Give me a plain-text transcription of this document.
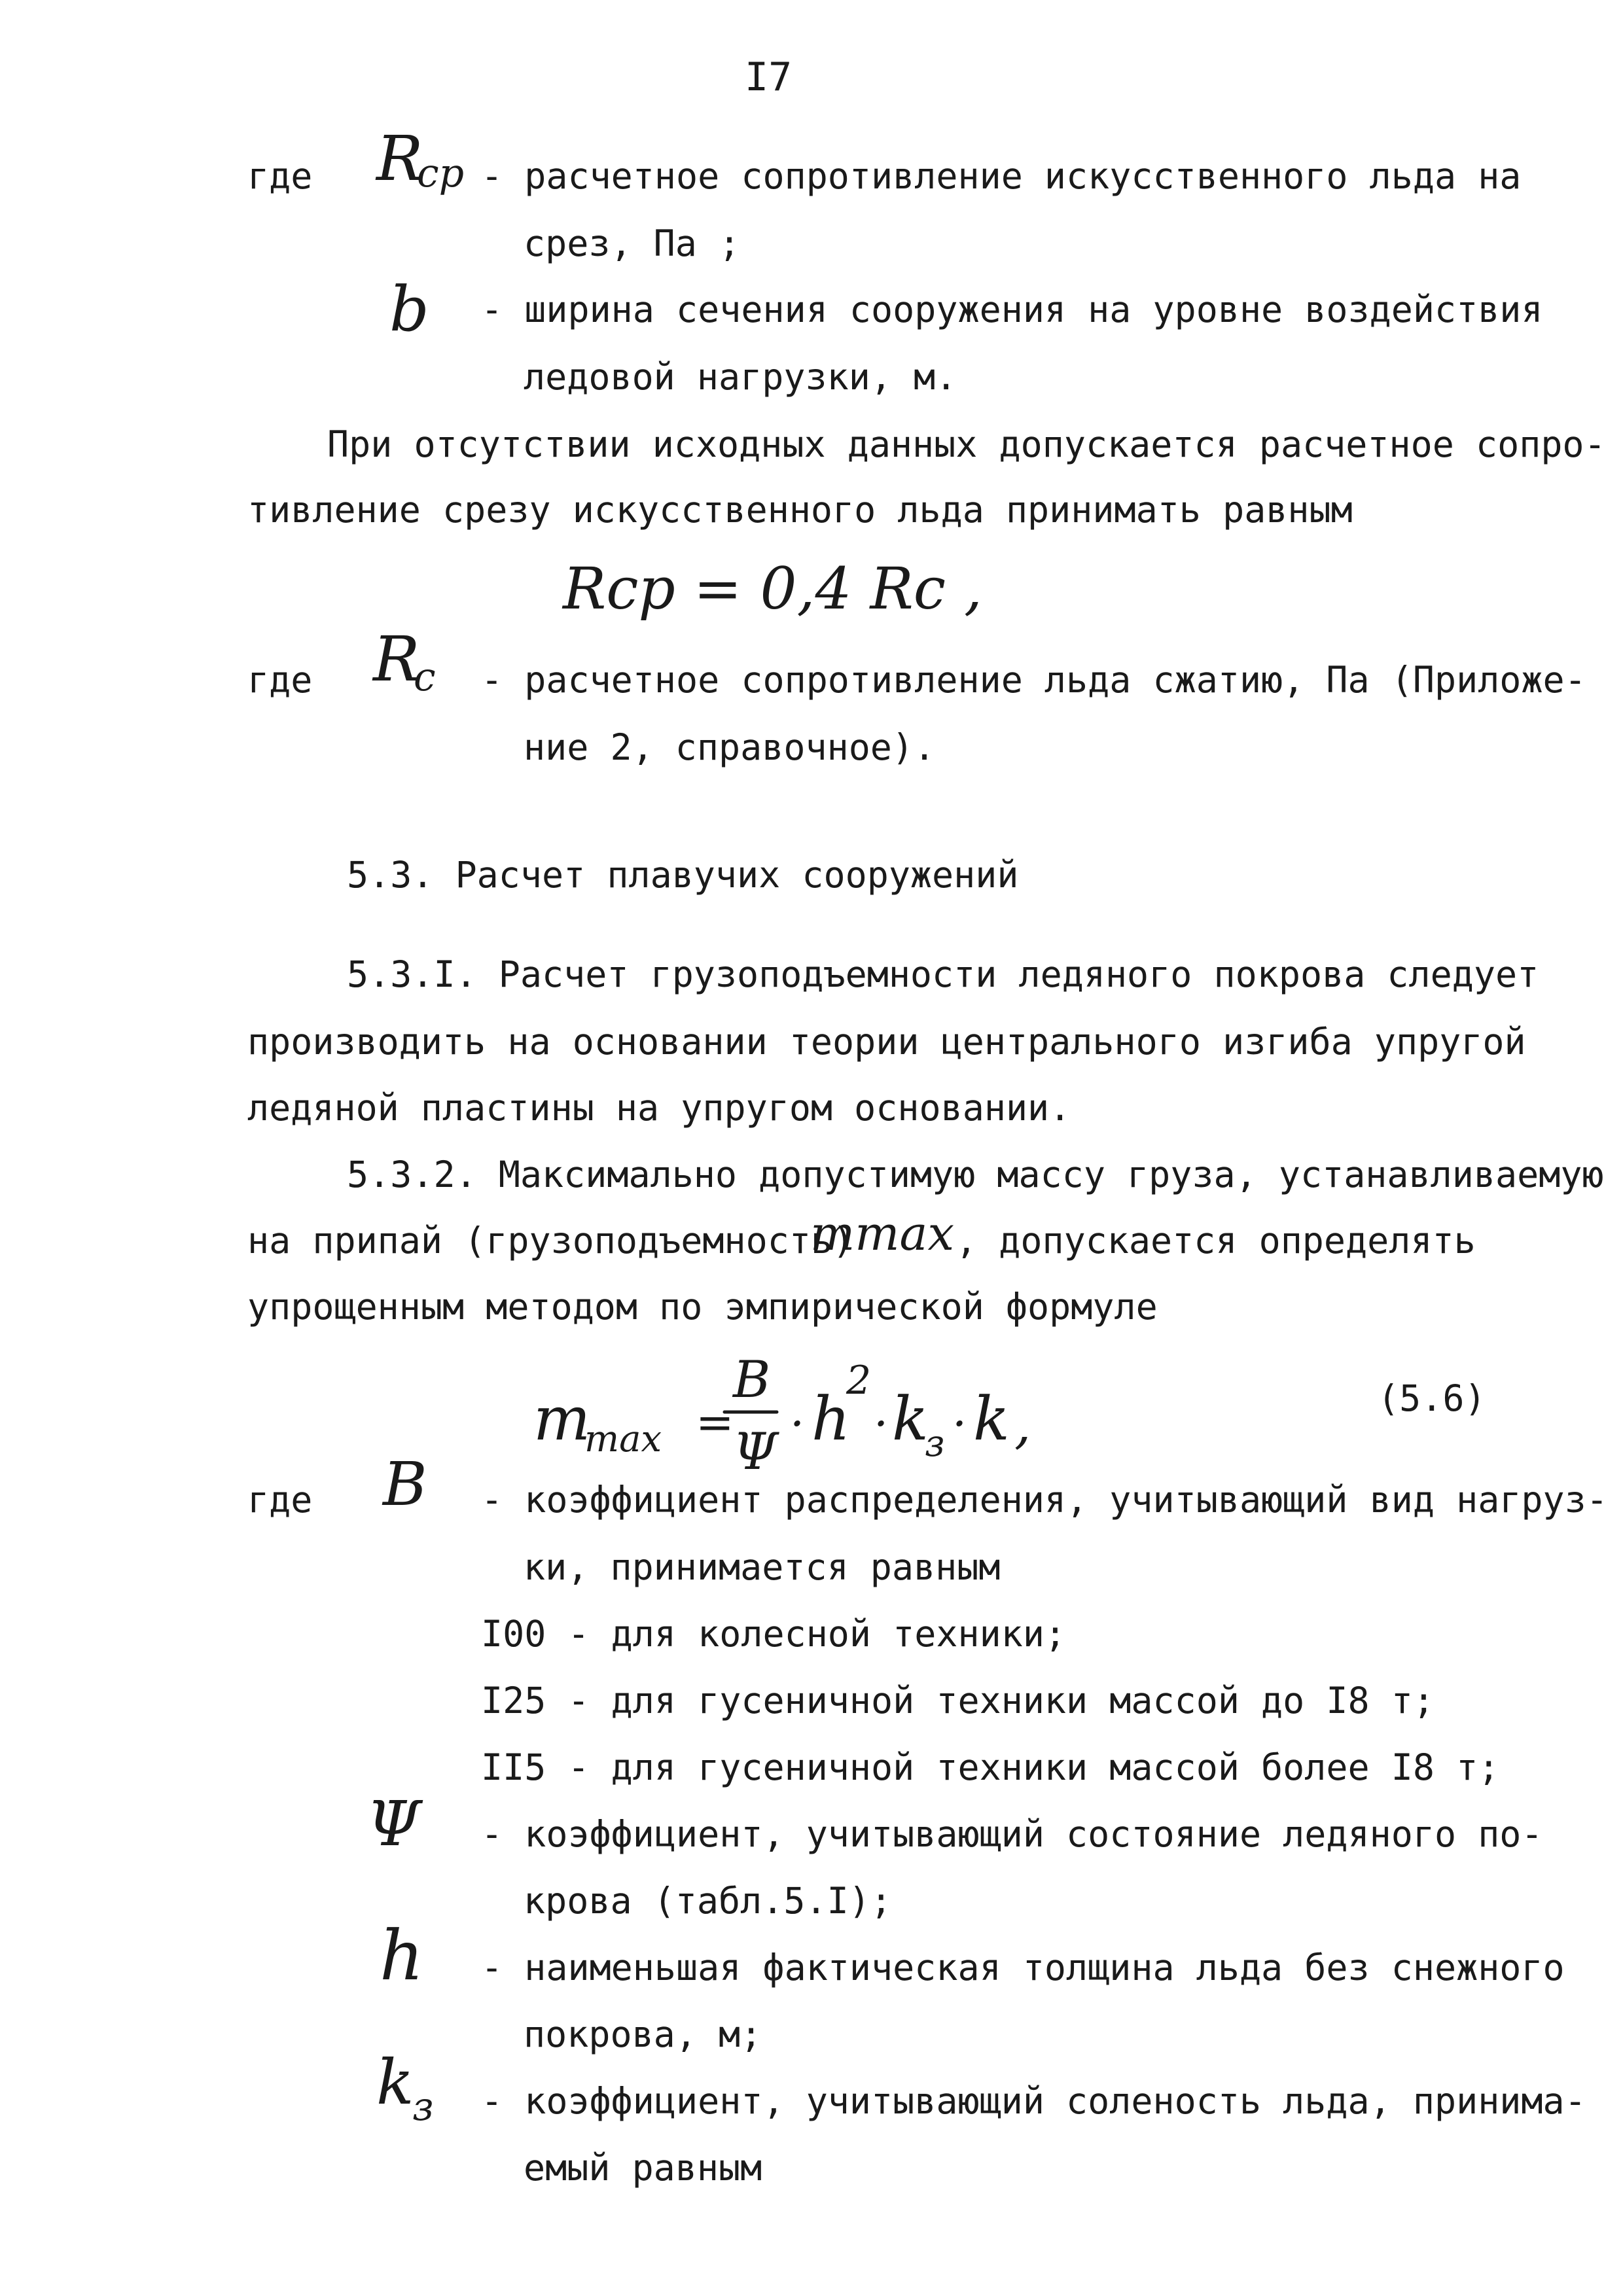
I7
где R
cp - расчетное сопротивление искусственного льда на
срез, Па ;
b - ширина сечения сооружения на уровне воздействия
ледовой нагрузки, м.
При отсутствии исходных данных допускается расчетное сопро-
тивление срезу искусственного льда принимать равным
Rср = 0,4 Rс ,
где R
c - расчетное сопротивление льда сжатию, Па (Приложе-
ние 2, справочное).
5.3. Расчет плавучих сооружений
5.3.I. Расчет грузоподъемности ледяного покрова следует
производить на основании теории центрального изгиба упругой
ледяной пластины на упругом основании.
5.3.2. Максимально допустимую массу груза, устанавливаемую
на припай (грузоподъемность)
mmax , допускается определять
упрощенным методом по эмпирической формуле
m
max =
B
Ψ · h
2
· k
з · k ,	(5.6)
где B - коэффициент распределения, учитывающий вид нагруз-
ки, принимается равным
I00 - для колесной техники;
I25 - для гусеничной техники массой до I8 т;
II5 - для гусеничной техники массой более I8 т;
Ψ - коэффициент, учитывающий состояние ледяного по-
крова (табл.5.I);
h - наименьшая фактическая толщина льда без снежного
покрова, м;
k
з - коэффициент, учитывающий соленость льда, принима-
емый равным
